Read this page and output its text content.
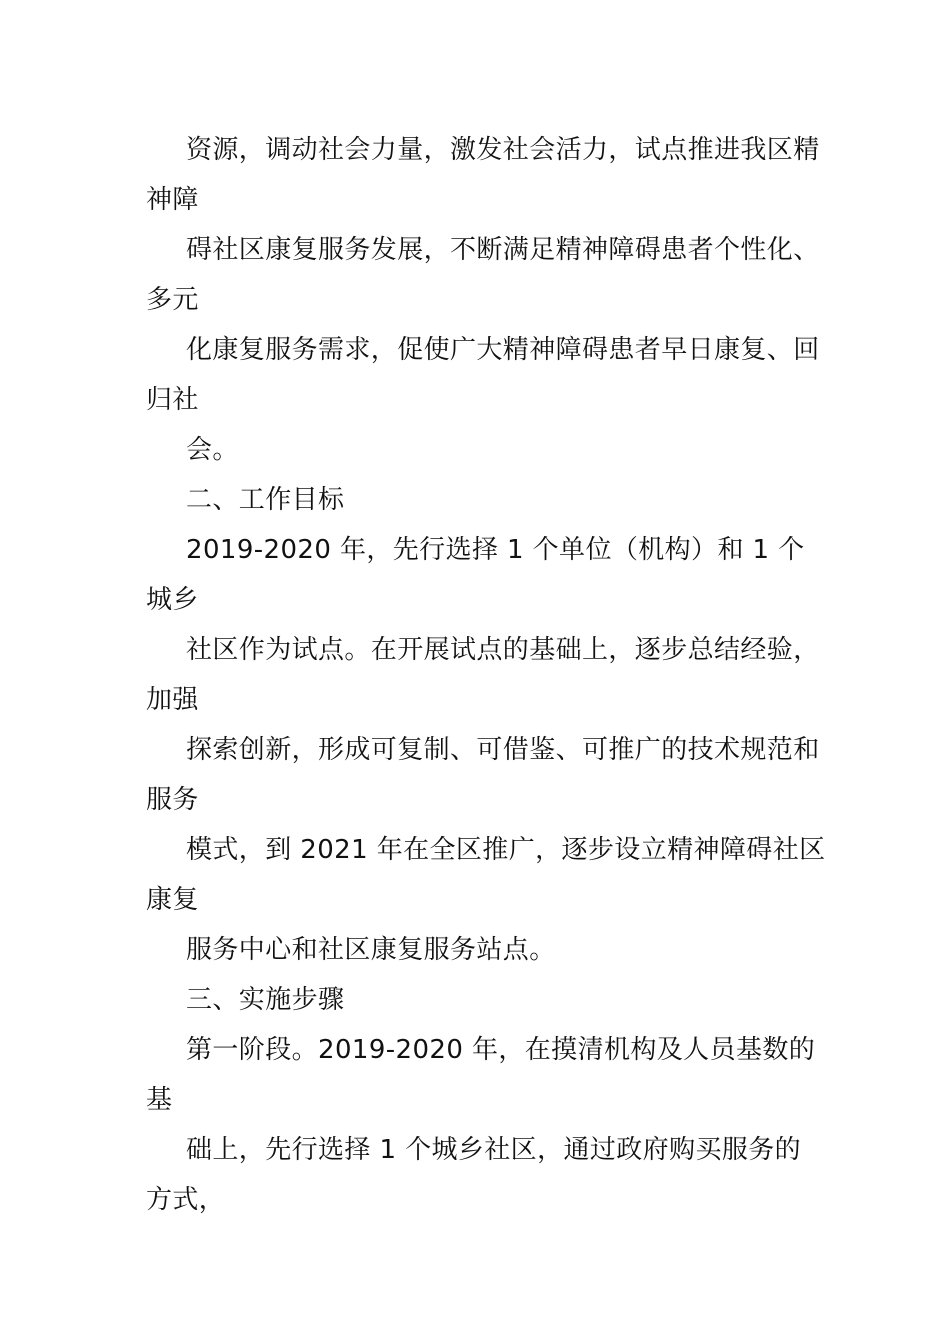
资源，调动社会力量，激发社会活力，试点推进我区精
神障
碍社区康复服务发展，不断满足精神障碍患者个性化、
多元
化康复服务需求，促使广大精神障碍患者早日康复、回
归社
会。
二、工作目标
2019-2020 年，先行选择 1 个单位（机构）和 1 个
城乡
社区作为试点。在开展试点的基础上，逐步总结经验，
加强
探索创新，形成可复制、可借鉴、可推广的技术规范和
服务
模式，到 2021 年在全区推广，逐步设立精神障碍社区
康复
服务中心和社区康复服务站点。
三、实施步骤
第一阶段。2019-2020 年，在摸清机构及人员基数的
基
础上，先行选择 1 个城乡社区，通过政府购买服务的
方式，
